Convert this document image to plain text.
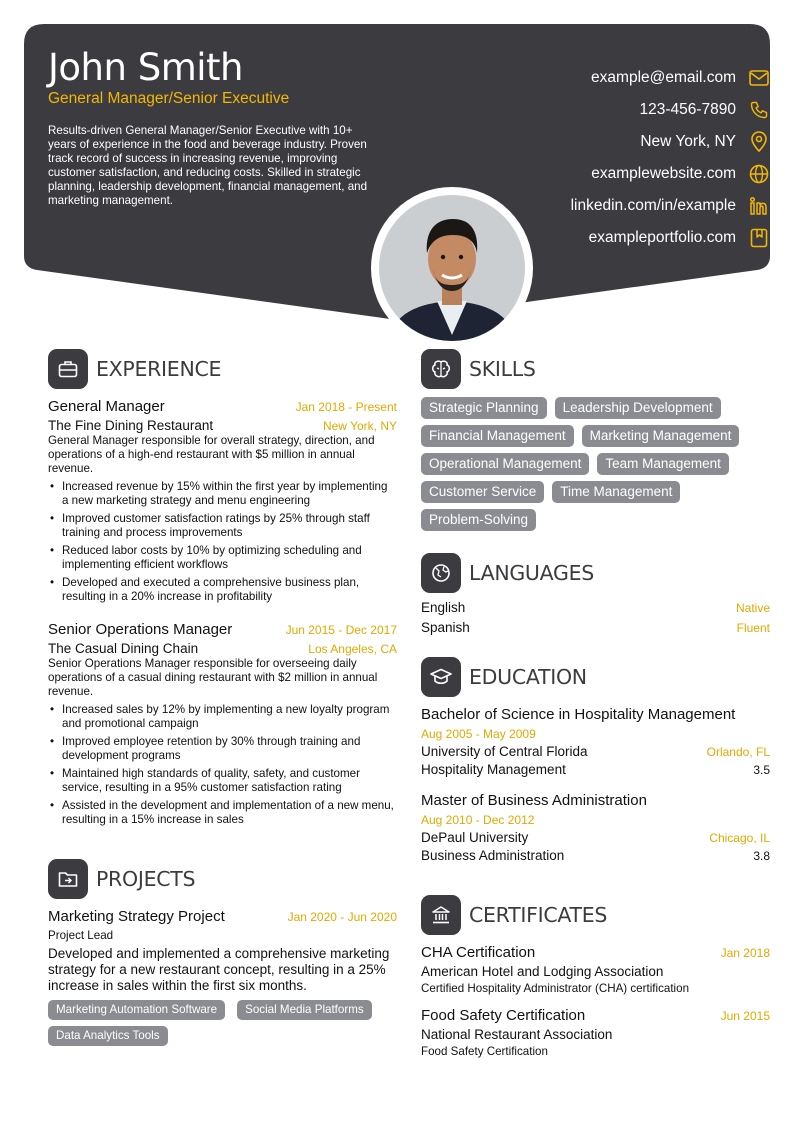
John Smith
General Manager/Senior Executive
Results-driven General Manager/Senior Executive with 10+ years of experience in the food and beverage industry. Proven track record of success in increasing revenue, improving customer satisfaction, and reducing costs. Skilled in strategic planning, leadership development, financial management, and marketing management.
example@email.com
123-456-7890
New York, NY
examplewebsite.com
linkedin.com/in/example
exampleportfolio.com
EXPERIENCE
General Manager	Jan 2018 - Present
The Fine Dining Restaurant	New York, NY
General Manager responsible for overall strategy, direction, and operations of a high-end restaurant with $5 million in annual revenue.
• Increased revenue by 15% within the first year by implementing a new marketing strategy and menu engineering
• Improved customer satisfaction ratings by 25% through staff training and process improvements
• Reduced labor costs by 10% by optimizing scheduling and implementing efficient workflows
• Developed and executed a comprehensive business plan, resulting in a 20% increase in profitability
Senior Operations Manager	Jun 2015 - Dec 2017
The Casual Dining Chain	Los Angeles, CA
Senior Operations Manager responsible for overseeing daily operations of a casual dining restaurant with $2 million in annual revenue.
• Increased sales by 12% by implementing a new loyalty program and promotional campaign
• Improved employee retention by 30% through training and development programs
• Maintained high standards of quality, safety, and customer service, resulting in a 95% customer satisfaction rating
• Assisted in the development and implementation of a new menu, resulting in a 15% increase in sales
PROJECTS
Marketing Strategy Project	Jan 2020 - Jun 2020
Project Lead
Developed and implemented a comprehensive marketing strategy for a new restaurant concept, resulting in a 25% increase in sales within the first six months.
Marketing Automation Software	Social Media Platforms
Data Analytics Tools
SKILLS
Strategic Planning	Leadership Development
Financial Management	Marketing Management
Operational Management	Team Management
Customer Service	Time Management
Problem-Solving
LANGUAGES
English	Native
Spanish	Fluent
EDUCATION
Bachelor of Science in Hospitality Management
Aug 2005 - May 2009
University of Central Florida	Orlando, FL
Hospitality Management	3.5
Master of Business Administration
Aug 2010 - Dec 2012
DePaul University	Chicago, IL
Business Administration	3.8
CERTIFICATES
CHA Certification	Jan 2018
American Hotel and Lodging Association
Certified Hospitality Administrator (CHA) certification
Food Safety Certification	Jun 2015
National Restaurant Association
Food Safety Certification
